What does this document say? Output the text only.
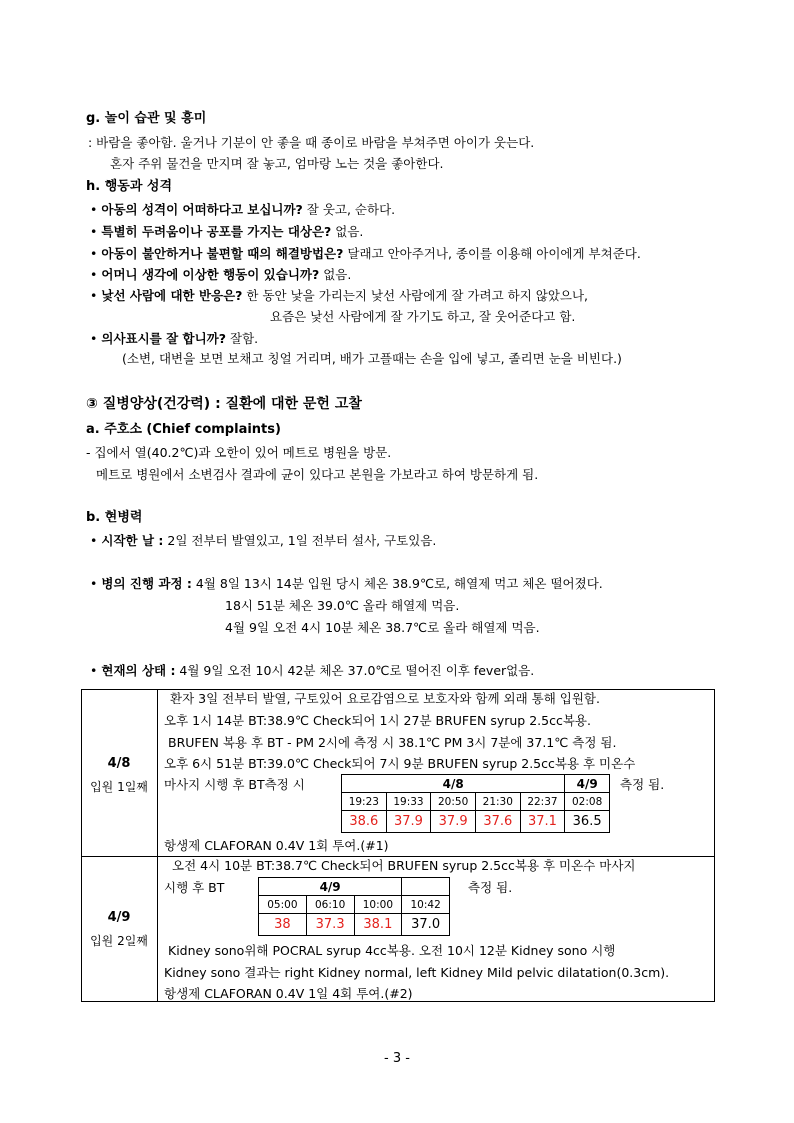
g. 놀이 습관 및 흥미
: 바람을 좋아함. 울거나 기분이 안 좋을 때 종이로 바람을 부쳐주면 아이가 웃는다.
혼자 주위 물건을 만지며 잘 놓고, 엄마랑 노는 것을 좋아한다.
h. 행동과 성격
• 아동의 성격이 어떠하다고 보십니까? 잘 웃고, 순하다.
• 특별히 두려움이나 공포를 가지는 대상은? 없음.
• 아동이 불안하거나 불편할 때의 해결방법은? 달래고 안아주거나, 종이를 이용해 아이에게 부쳐준다.
• 어머니 생각에 이상한 행동이 있습니까? 없음.
• 낯선 사람에 대한 반응은? 한 동안 낯을 가리는지 낯선 사람에게 잘 가려고 하지 않았으나,
요즘은 낯선 사람에게 잘 가기도 하고, 잘 웃어준다고 함.
• 의사표시를 잘 합니까? 잘함.
(소변, 대변을 보면 보채고 칭얼 거리며, 배가 고플때는 손을 입에 넣고, 졸리면 눈을 비빈다.)
③ 질병양상(건강력) : 질환에 대한 문헌 고찰
a. 주호소 (Chief complaints)
- 집에서 열(40.2℃)과 오한이 있어 메트로 병원을 방문.
메트로 병원에서 소변검사 결과에 균이 있다고 본원을 가보라고 하여 방문하게 됨.
b. 현병력
• 시작한 날 : 2일 전부터 발열있고, 1일 전부터 설사, 구토있음.
• 병의 진행 과정 : 4월 8일 13시 14분 입원 당시 체온 38.9℃로, 해열제 먹고 체온 떨어졌다.
18시 51분 체온 39.0℃ 올라 해열제 먹음.
4월 9일 오전 4시 10분 체온 38.7℃로 올라 해열제 먹음.
• 현재의 상태 : 4월 9일 오전 10시 42분 체온 37.0℃로 떨어진 이후 fever없음.
4/8
입원 1일째
환자 3일 전부터 발열, 구토있어 요로감염으로 보호자와 함께 외래 통해 입원함.
오후 1시 14분 BT:38.9℃ Check되어 1시 27분 BRUFEN syrup 2.5cc복용.
BRUFEN 복용 후 BT - PM 2시에 측정 시 38.1℃ PM 3시 7분에 37.1℃ 측정 됨.
오후 6시 51분 BT:39.0℃ Check되어 7시 9분 BRUFEN syrup 2.5cc복용 후 미온수
마사지 시행 후 BT측정 시	측정 됨.
4/8					4/9
19:23	19:33	20:50	21:30	22:37	02:08
38.6	37.9	37.9	37.6	37.1	36.5
항생제 CLAFORAN 0.4V 1회 투여.(#1)
4/9
입원 2일째
오전 4시 10분 BT:38.7℃ Check되어 BRUFEN syrup 2.5cc복용 후 미온수 마사지
시행 후 BT	측정 됨.
4/9			
05:00	06:10	10:00	10:42
38	37.3	38.1	37.0
Kidney sono위해 POCRAL syrup 4cc복용. 오전 10시 12분 Kidney sono 시행
Kidney sono 결과는 right Kidney normal, left Kidney Mild pelvic dilatation(0.3cm).
항생제 CLAFORAN 0.4V 1일 4회 투여.(#2)
- 3 -
